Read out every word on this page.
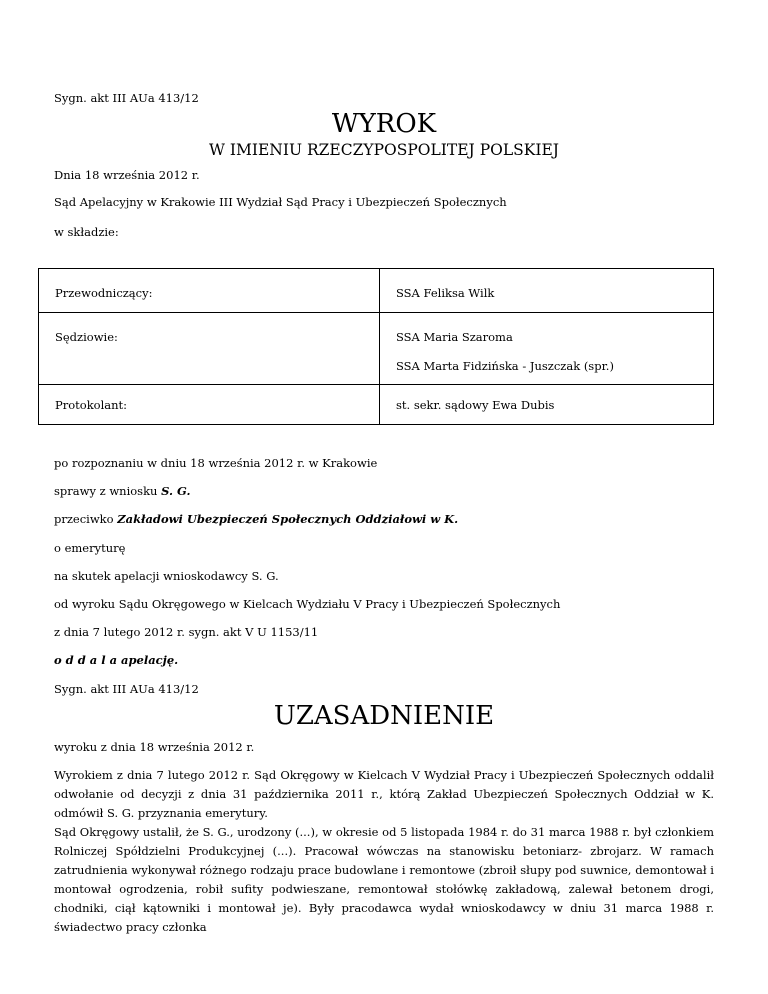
Sygn. akt III AUa 413/12

WYROK
W IMIENIU RZECZYPOSPOLITEJ POLSKIEJ

Dnia 18 września 2012 r.

Sąd Apelacyjny w Krakowie III Wydział Sąd Pracy i Ubezpieczeń Społecznych

w składzie:

Przewodniczący:	SSA Feliksa Wilk
Sędziowie:	SSA Maria Szaroma
SSA Marta Fidzińska - Juszczak (spr.)

Protokolant:	st. sekr. sądowy Ewa Dubis

po rozpoznaniu w dniu 18 września 2012 r. w Krakowie

sprawy z wniosku S. G.

przeciwko Zakładowi Ubezpieczeń Społecznych Oddziałowi w K.

o emeryturę

na skutek apelacji wnioskodawcy S. G.

od wyroku Sądu Okręgowego w Kielcach Wydziału V Pracy i Ubezpieczeń Społecznych

z dnia 7 lutego 2012 r. sygn. akt V U 1153/11

o d d a l a apelację.

Sygn. akt III AUa 413/12

UZASADNIENIE

wyroku z dnia 18 września 2012 r.

Wyrokiem z dnia 7 lutego 2012 r. Sąd Okręgowy w Kielcach V Wydział Pracy i Ubezpieczeń Społecznych oddalił odwołanie od decyzji z dnia 31 października 2011 r., którą Zakład Ubezpieczeń Społecznych Oddział w K. odmówił S. G. przyznania emerytury.

Sąd Okręgowy ustalił, że S. G., urodzony (...), w okresie od 5 listopada 1984 r. do 31 marca 1988 r. był członkiem Rolniczej Spółdzielni Produkcyjnej (...). Pracował wówczas na stanowisku betoniarz- zbrojarz. W ramach zatrudnienia wykonywał różnego rodzaju prace budowlane i remontowe (zbroił słupy pod suwnice, demontował i montował ogrodzenia, robił sufity podwieszane, remontował stołówkę zakładową, zalewał betonem drogi, chodniki, ciął kątowniki i montował je). Były pracodawca wydał wnioskodawcy w dniu 31 marca 1988 r. świadectwo pracy członka
